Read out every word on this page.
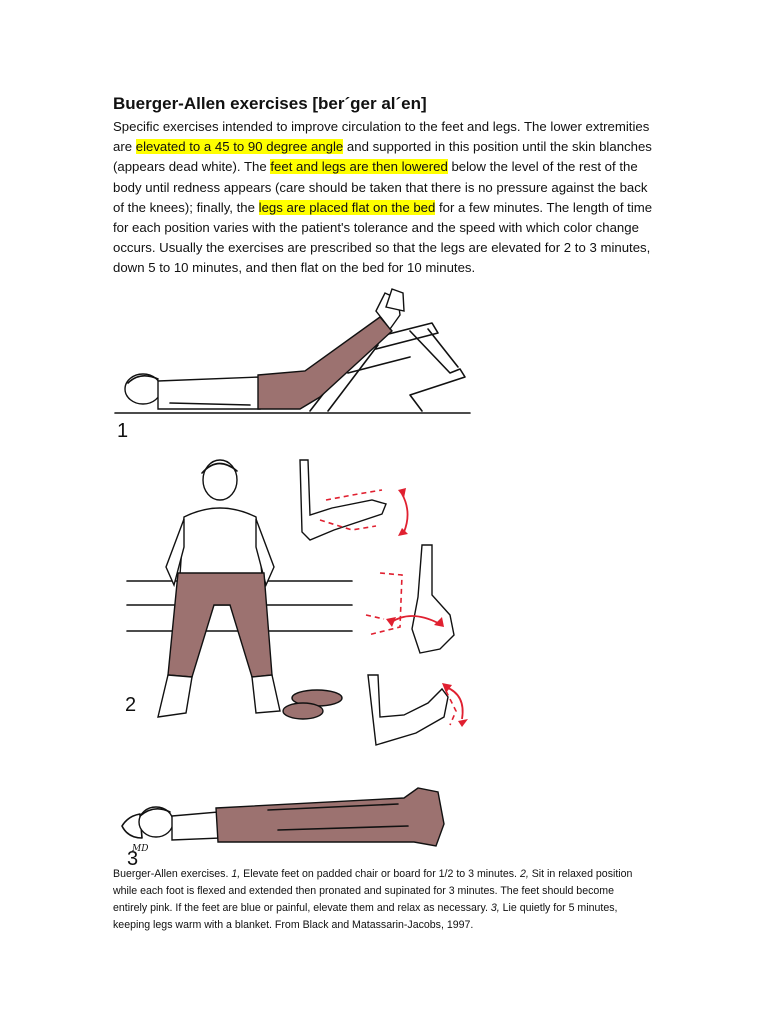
Buerger-Allen exercises [ber´ger al´en]
Specific exercises intended to improve circulation to the feet and legs. The lower extremities are elevated to a 45 to 90 degree angle and supported in this position until the skin blanches (appears dead white). The feet and legs are then lowered below the level of the rest of the body until redness appears (care should be taken that there is no pressure against the back of the knees); finally, the legs are placed flat on the bed for a few minutes. The length of time for each position varies with the patient's tolerance and the speed with which color change occurs. Usually the exercises are prescribed so that the legs are elevated for 2 to 3 minutes, down 5 to 10 minutes, and then flat on the bed for 10 minutes.
1
2
MD
3
Buerger-Allen exercises. 1, Elevate feet on padded chair or board for 1/2 to 3 minutes. 2, Sit in relaxed position while each foot is flexed and extended then pronated and supinated for 3 minutes. The feet should become entirely pink. If the feet are blue or painful, elevate them and relax as necessary. 3, Lie quietly for 5 minutes, keeping legs warm with a blanket. From Black and Matassarin-Jacobs, 1997.
